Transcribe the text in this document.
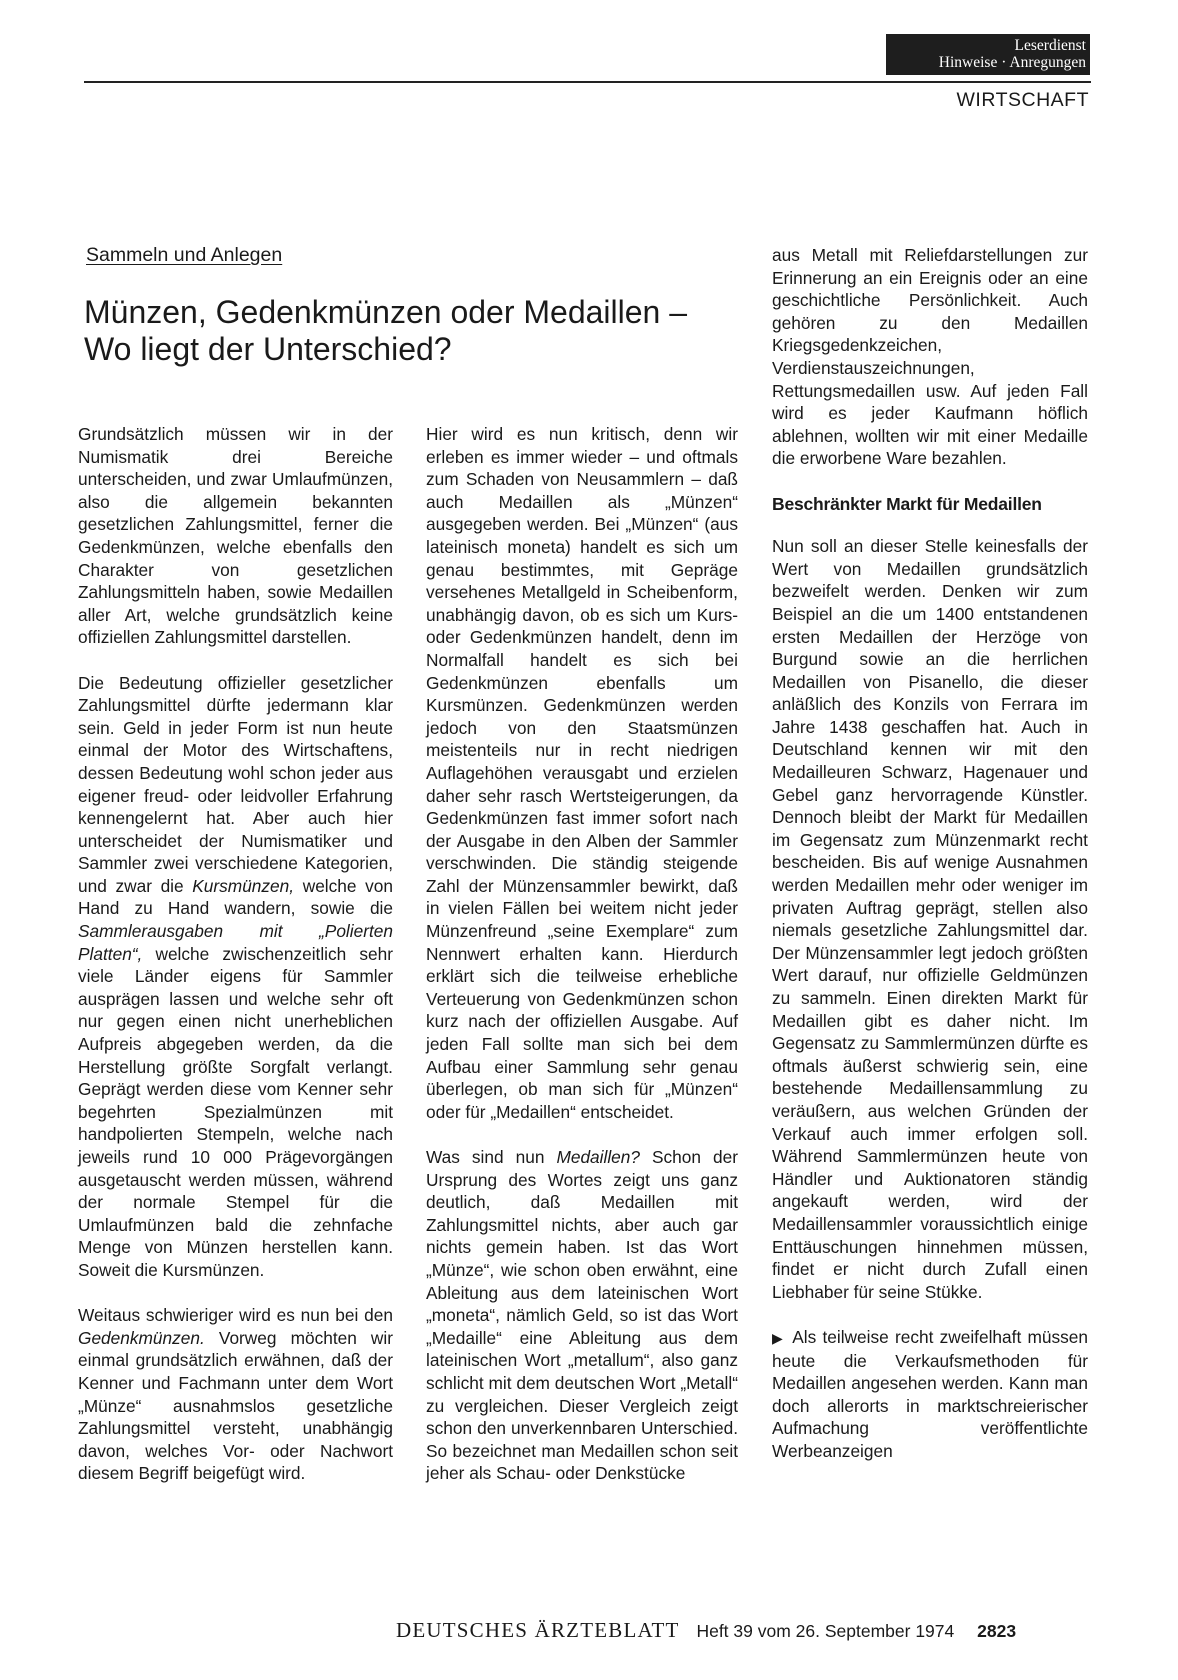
Leserdienst
Hinweise · Anregungen
WIRTSCHAFT
Sammeln und Anlegen
Münzen, Gedenkmünzen oder Medaillen –
Wo liegt der Unterschied?

Grundsätzlich müssen wir in der Numismatik drei Bereiche unterscheiden, und zwar Umlaufmünzen, also die allgemein bekannten gesetzlichen Zahlungsmittel, ferner die Gedenkmünzen, welche ebenfalls den Charakter von gesetzlichen Zahlungsmitteln haben, sowie Medaillen aller Art, welche grundsätzlich keine offiziellen Zahlungsmittel darstellen.

Die Bedeutung offizieller gesetzlicher Zahlungsmittel dürfte jedermann klar sein. Geld in jeder Form ist nun heute einmal der Motor des Wirtschaftens, dessen Bedeutung wohl schon jeder aus eigener freud- oder leidvoller Erfahrung kennengelernt hat. Aber auch hier unterscheidet der Numismatiker und Sammler zwei verschiedene Kategorien, und zwar die Kursmünzen, welche von Hand zu Hand wandern, sowie die Sammlerausgaben mit „Polierten Platten“, welche zwischenzeitlich sehr viele Länder eigens für Sammler ausprägen lassen und welche sehr oft nur gegen einen nicht unerheblichen Aufpreis abgegeben werden, da die Herstellung größte Sorgfalt verlangt. Geprägt werden diese vom Kenner sehr begehrten Spezialmünzen mit handpolierten Stempeln, welche nach jeweils rund 10 000 Prägevorgängen ausgetauscht werden müssen, während der normale Stempel für die Umlaufmünzen bald die zehnfache Menge von Münzen herstellen kann. Soweit die Kursmünzen.

Weitaus schwieriger wird es nun bei den Gedenkmünzen. Vorweg möchten wir einmal grundsätzlich erwähnen, daß der Kenner und Fachmann unter dem Wort „Münze“ ausnahmslos gesetzliche Zahlungsmittel versteht, unabhängig davon, welches Vor- oder Nachwort diesem Begriff beigefügt wird.

Hier wird es nun kritisch, denn wir erleben es immer wieder – und oftmals zum Schaden von Neusammlern – daß auch Medaillen als „Münzen“ ausgegeben werden. Bei „Münzen“ (aus lateinisch moneta) handelt es sich um genau bestimmtes, mit Gepräge versehenes Metallgeld in Scheibenform, unabhängig davon, ob es sich um Kurs- oder Gedenkmünzen handelt, denn im Normalfall handelt es sich bei Gedenkmünzen ebenfalls um Kursmünzen. Gedenkmünzen werden jedoch von den Staatsmünzen meistenteils nur in recht niedrigen Auflagehöhen verausgabt und erzielen daher sehr rasch Wertsteigerungen, da Gedenkmünzen fast immer sofort nach der Ausgabe in den Alben der Sammler verschwinden. Die ständig steigende Zahl der Münzensammler bewirkt, daß in vielen Fällen bei weitem nicht jeder Münzenfreund „seine Exemplare“ zum Nennwert erhalten kann. Hierdurch erklärt sich die teilweise erhebliche Verteuerung von Gedenkmünzen schon kurz nach der offiziellen Ausgabe. Auf jeden Fall sollte man sich bei dem Aufbau einer Sammlung sehr genau überlegen, ob man sich für „Münzen“ oder für „Medaillen“ entscheidet.

Was sind nun Medaillen? Schon der Ursprung des Wortes zeigt uns ganz deutlich, daß Medaillen mit Zahlungsmittel nichts, aber auch gar nichts gemein haben. Ist das Wort „Münze“, wie schon oben erwähnt, eine Ableitung aus dem lateinischen Wort „moneta“, nämlich Geld, so ist das Wort „Medaille“ eine Ableitung aus dem lateinischen Wort „metallum“, also ganz schlicht mit dem deutschen Wort „Metall“ zu vergleichen. Dieser Vergleich zeigt schon den unverkennbaren Unterschied. So bezeichnet man Medaillen schon seit jeher als Schau- oder Denkstücke

aus Metall mit Reliefdarstellungen zur Erinnerung an ein Ereignis oder an eine geschichtliche Persönlichkeit. Auch gehören zu den Medaillen Kriegsgedenkzeichen, Verdienstauszeichnungen, Rettungsmedaillen usw. Auf jeden Fall wird es jeder Kaufmann höflich ablehnen, wollten wir mit einer Medaille die erworbene Ware bezahlen.

Beschränkter Markt für Medaillen

Nun soll an dieser Stelle keinesfalls der Wert von Medaillen grundsätzlich bezweifelt werden. Denken wir zum Beispiel an die um 1400 entstandenen ersten Medaillen der Herzöge von Burgund sowie an die herrlichen Medaillen von Pisanello, die dieser anläßlich des Konzils von Ferrara im Jahre 1438 geschaffen hat. Auch in Deutschland kennen wir mit den Medailleuren Schwarz, Hagenauer und Gebel ganz hervorragende Künstler. Dennoch bleibt der Markt für Medaillen im Gegensatz zum Münzenmarkt recht bescheiden. Bis auf wenige Ausnahmen werden Medaillen mehr oder weniger im privaten Auftrag geprägt, stellen also niemals gesetzliche Zahlungsmittel dar. Der Münzensammler legt jedoch größten Wert darauf, nur offizielle Geldmünzen zu sammeln. Einen direkten Markt für Medaillen gibt es daher nicht. Im Gegensatz zu Sammlermünzen dürfte es oftmals äußerst schwierig sein, eine bestehende Medaillensammlung zu veräußern, aus welchen Gründen der Verkauf auch immer erfolgen soll. Während Sammlermünzen heute von Händler und Auktionatoren ständig angekauft werden, wird der Medaillensammler voraussichtlich einige Enttäuschungen hinnehmen müssen, findet er nicht durch Zufall einen Liebhaber für seine Stükke.

▶ Als teilweise recht zweifelhaft müssen heute die Verkaufsmethoden für Medaillen angesehen werden. Kann man doch allerorts in marktschreierischer Aufmachung veröffentlichte Werbeanzeigen

DEUTSCHES ÄRZTEBLATT Heft 39 vom 26. September 1974 2823
